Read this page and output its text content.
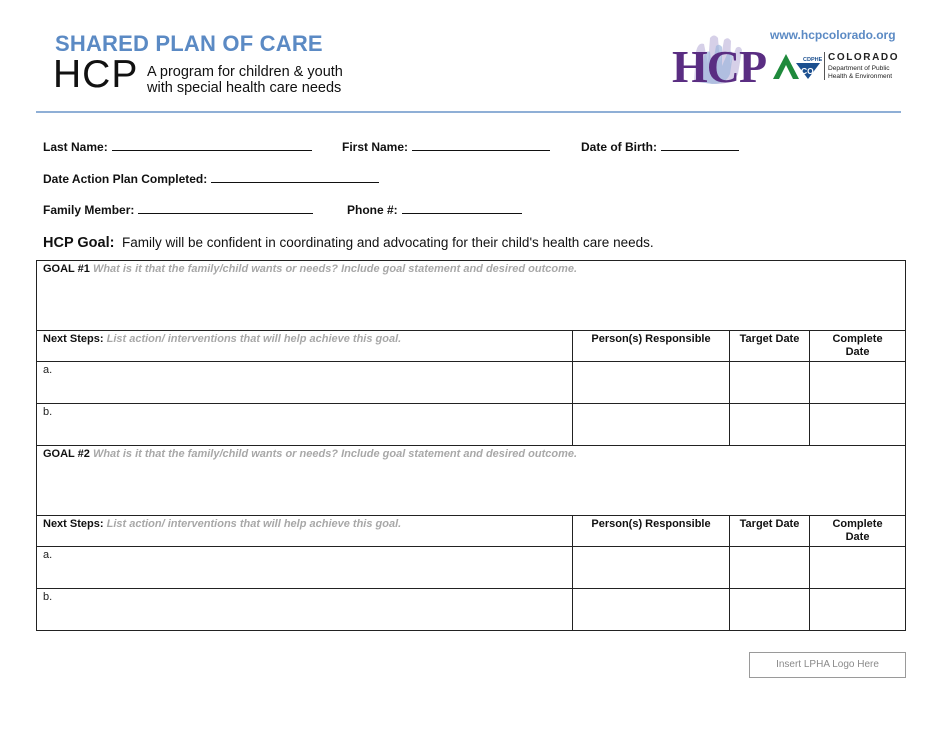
SHARED PLAN OF CARE
HCP A program for children & youth
with special health care needs
www.hcpcolorado.org
HCP	CDPHE
CO
COLORADO
Department of Public
Health & Environment
Last Name:	First Name:	Date of Birth:
Date Action Plan Completed:
Family Member:	Phone #:
HCP Goal: Family will be confident in coordinating and advocating for their child's health care needs.
GOAL #1 What is it that the family/child wants or needs? Include goal statement and desired outcome.			
Next Steps: List action/ interventions that will help achieve this goal.	Person(s) Responsible	Target Date	Complete
Date

a.			
b.			
GOAL #2 What is it that the family/child wants or needs? Include goal statement and desired outcome.			
Next Steps: List action/ interventions that will help achieve this goal.	Person(s) Responsible	Target Date	Complete
Date

a.			
b.			
Insert LPHA Logo Here
